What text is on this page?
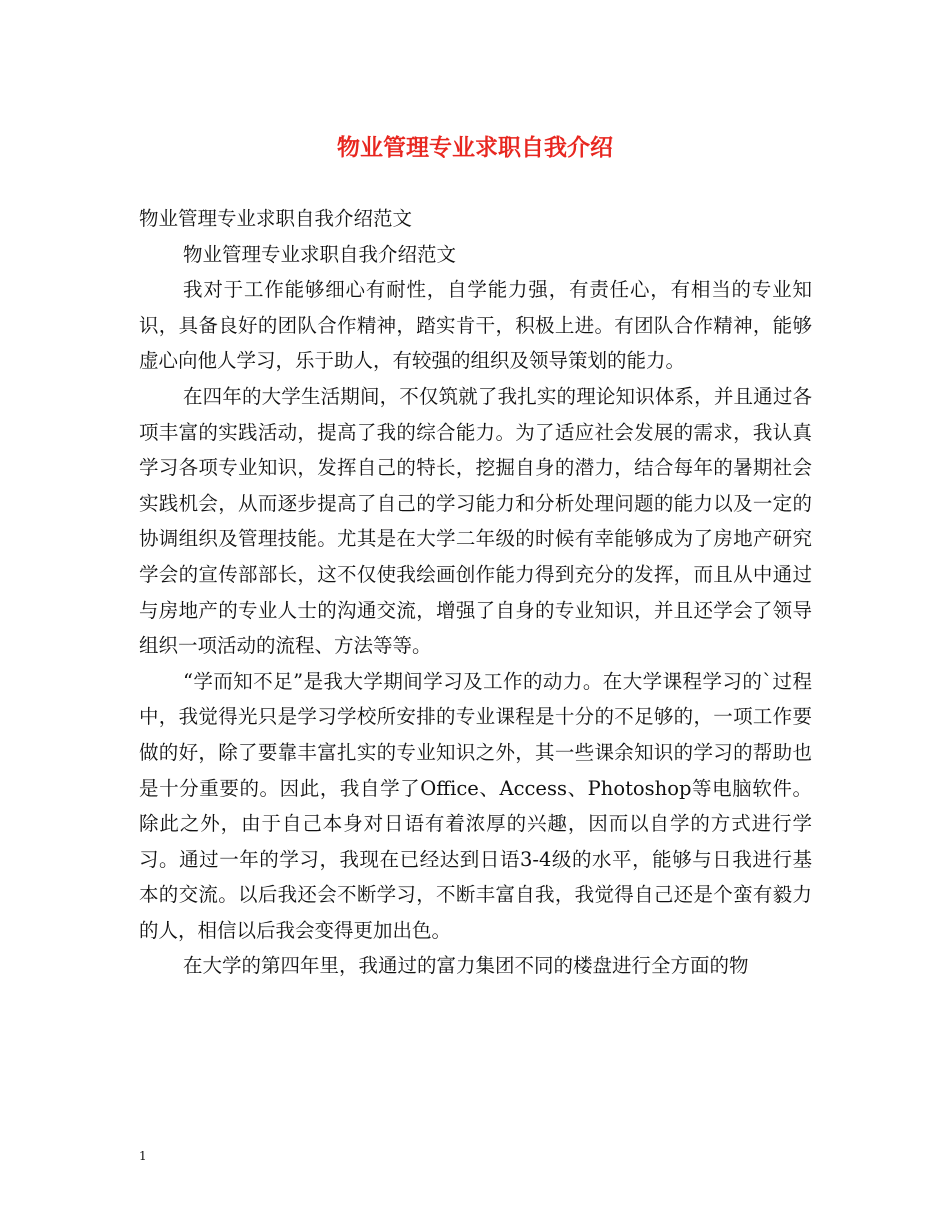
物业管理专业求职自我介绍

物业管理专业求职自我介绍范文

物业管理专业求职自我介绍范文

我对于工作能够细心有耐性，自学能力强，有责任心，有相当的专业知识，具备良好的团队合作精神，踏实肯干，积极上进。有团队合作精神，能够虚心向他人学习，乐于助人，有较强的组织及领导策划的能力。

在四年的大学生活期间，不仅筑就了我扎实的理论知识体系，并且通过各项丰富的实践活动，提高了我的综合能力。为了适应社会发展的需求，我认真学习各项专业知识，发挥自己的特长，挖掘自身的潜力，结合每年的暑期社会实践机会，从而逐步提高了自己的学习能力和分析处理问题的能力以及一定的协调组织及管理技能。尤其是在大学二年级的时候有幸能够成为了房地产研究学会的宣传部部长，这不仅使我绘画创作能力得到充分的发挥，而且从中通过与房地产的专业人士的沟通交流，增强了自身的专业知识，并且还学会了领导组织一项活动的流程、方法等等。

“学而知不足”是我大学期间学习及工作的动力。在大学课程学习的`过程中，我觉得光只是学习学校所安排的专业课程是十分的不足够的，一项工作要做的好，除了要靠丰富扎实的专业知识之外，其一些课余知识的学习的帮助也是十分重要的。因此，我自学了Office、Access、Photoshop等电脑软件。除此之外，由于自己本身对日语有着浓厚的兴趣，因而以自学的方式进行学习。通过一年的学习，我现在已经达到日语3-4级的水平，能够与日我进行基本的交流。以后我还会不断学习，不断丰富自我，我觉得自己还是个蛮有毅力的人，相信以后我会变得更加出色。

在大学的第四年里，我通过的富力集团不同的楼盘进行全方面的物

1
